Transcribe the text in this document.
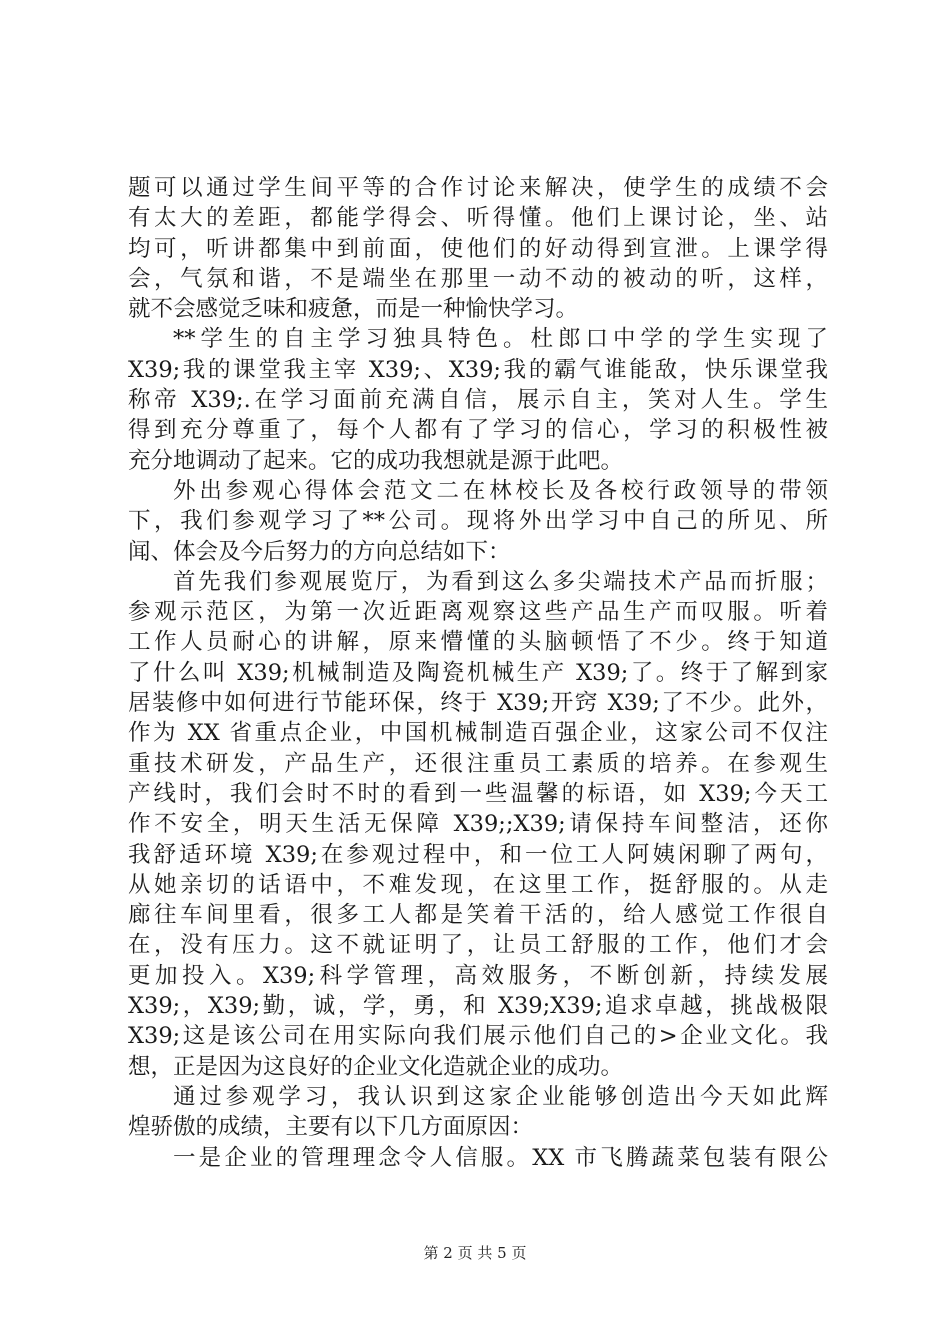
题可以通过学生间平等的合作讨论来解决，使学生的成绩不会
有太大的差距，都能学得会、听得懂。他们上课讨论，坐、站
均可，听讲都集中到前面，使他们的好动得到宣泄。上课学得
会，气氛和谐，不是端坐在那里一动不动的被动的听，这样，
就不会感觉乏味和疲惫，而是一种愉快学习。
**学生的自主学习独具特色。杜郎口中学的学生实现了
X39;我的课堂我主宰 X39;、X39;我的霸气谁能敌，快乐课堂我
称帝 X39;.在学习面前充满自信，展示自主，笑对人生。学生
得到充分尊重了，每个人都有了学习的信心，学习的积极性被
充分地调动了起来。它的成功我想就是源于此吧。
外出参观心得体会范文二在林校长及各校行政领导的带领
下，我们参观学习了**公司。现将外出学习中自己的所见、所
闻、体会及今后努力的方向总结如下：
首先我们参观展览厅，为看到这么多尖端技术产品而折服；
参观示范区，为第一次近距离观察这些产品生产而叹服。听着
工作人员耐心的讲解，原来懵懂的头脑顿悟了不少。终于知道
了什么叫 X39;机械制造及陶瓷机械生产 X39;了。终于了解到家
居装修中如何进行节能环保，终于 X39;开窍 X39;了不少。此外，
作为 XX 省重点企业，中国机械制造百强企业，这家公司不仅注
重技术研发，产品生产，还很注重员工素质的培养。在参观生
产线时，我们会时不时的看到一些温馨的标语，如 X39;今天工
作不安全，明天生活无保障 X39;;X39;请保持车间整洁，还你
我舒适环境 X39;在参观过程中，和一位工人阿姨闲聊了两句，
从她亲切的话语中，不难发现，在这里工作，挺舒服的。从走
廊往车间里看，很多工人都是笑着干活的，给人感觉工作很自
在，没有压力。这不就证明了，让员工舒服的工作，他们才会
更加投入。X39;科学管理，高效服务，不断创新，持续发展
X39;，X39;勤，诚，学，勇，和 X39;X39;追求卓越，挑战极限
X39;这是该公司在用实际向我们展示他们自己的>企业文化。我
想，正是因为这良好的企业文化造就企业的成功。
通过参观学习，我认识到这家企业能够创造出今天如此辉
煌骄傲的成绩，主要有以下几方面原因：
一是企业的管理理念令人信服。XX 市飞腾蔬菜包装有限公
第 2 页 共 5 页
